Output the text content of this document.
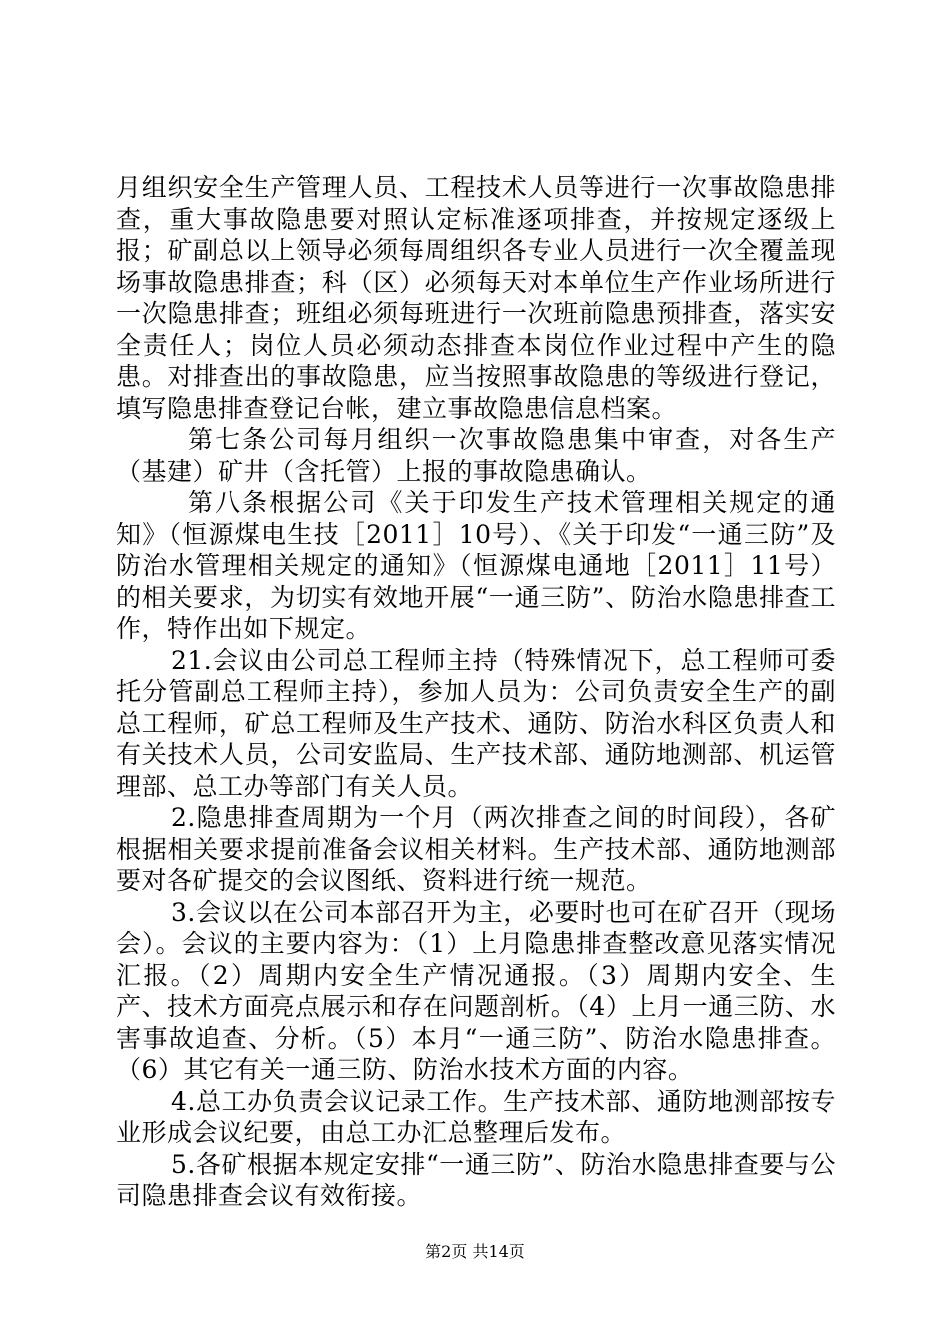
月组织安全生产管理人员、工程技术人员等进行一次事故隐患排查，重大事故隐患要对照认定标准逐项排查，并按规定逐级上报；矿副总以上领导必须每周组织各专业人员进行一次全覆盖现场事故隐患排查；科（区）必须每天对本单位生产作业场所进行一次隐患排查；班组必须每班进行一次班前隐患预排查，落实安全责任人；岗位人员必须动态排查本岗位作业过程中产生的隐患。对排查出的事故隐患，应当按照事故隐患的等级进行登记，填写隐患排查登记台帐，建立事故隐患信息档案。

第七条公司每月组织一次事故隐患集中审查，对各生产（基建）矿井（含托管）上报的事故隐患确认。

第八条根据公司《关于印发生产技术管理相关规定的通知》（恒源煤电生技［2011］10号）、《关于印发“一通三防”及防治水管理相关规定的通知》（恒源煤电通地［2011］11号）的相关要求，为切实有效地开展“一通三防”、防治水隐患排查工作，特作出如下规定。

21.会议由公司总工程师主持（特殊情况下，总工程师可委托分管副总工程师主持），参加人员为：公司负责安全生产的副总工程师，矿总工程师及生产技术、通防、防治水科区负责人和有关技术人员，公司安监局、生产技术部、通防地测部、机运管理部、总工办等部门有关人员。

2.隐患排查周期为一个月（两次排查之间的时间段），各矿根据相关要求提前准备会议相关材料。生产技术部、通防地测部要对各矿提交的会议图纸、资料进行统一规范。

3.会议以在公司本部召开为主，必要时也可在矿召开（现场会）。会议的主要内容为：（1）上月隐患排查整改意见落实情况汇报。（2）周期内安全生产情况通报。（3）周期内安全、生产、技术方面亮点展示和存在问题剖析。（4）上月一通三防、水害事故追查、分析。（5）本月“一通三防”、防治水隐患排查。（6）其它有关一通三防、防治水技术方面的内容。

4.总工办负责会议记录工作。生产技术部、通防地测部按专业形成会议纪要，由总工办汇总整理后发布。

5.各矿根据本规定安排“一通三防”、防治水隐患排查要与公司隐患排查会议有效衔接。

第2页 共14页
